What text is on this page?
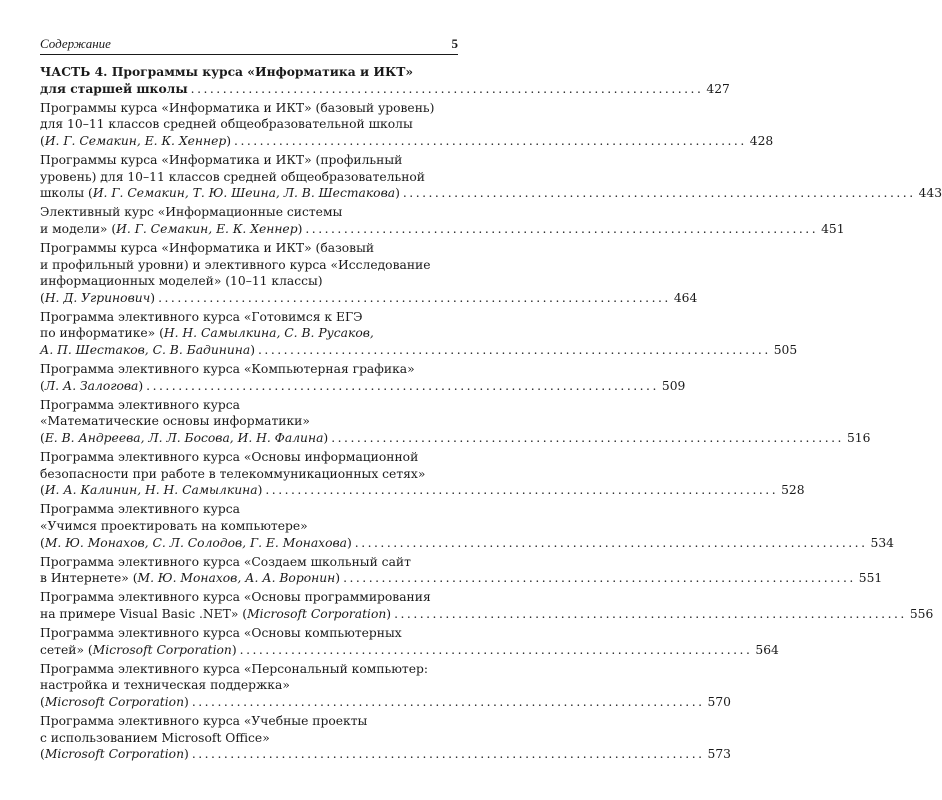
Содержание	5
ЧАСТЬ 4. Программы курса «Информатика и ИКТ»
для старшей школы ................................................................................ 427
Программы курса «Информатика и ИКТ» (базовый уровень)
для 10–11 классов средней общеобразовательной школы
(И. Г. Семакин, Е. К. Хеннер) ................................................................................ 428
Программы курса «Информатика и ИКТ» (профильный
уровень) для 10–11 классов средней общеобразовательной
школы (И. Г. Семакин, Т. Ю. Шеина, Л. В. Шестакова) ................................................................................ 443
Элективный курс «Информационные системы
и модели» (И. Г. Семакин, Е. К. Хеннер) ................................................................................ 451
Программы курса «Информатика и ИКТ» (базовый
и профильный уровни) и элективного курса «Исследование
информационных моделей» (10–11 классы)
(Н. Д. Угринович) ................................................................................ 464
Программа элективного курса «Готовимся к ЕГЭ
по информатике» (Н. Н. Самылкина, С. В. Русаков,
А. П. Шестаков, С. В. Бадинина) ................................................................................ 505
Программа элективного курса «Компьютерная графика»
(Л. А. Залогова) ................................................................................ 509
Программа элективного курса
«Математические основы информатики»
(Е. В. Андреева, Л. Л. Босова, И. Н. Фалина) ................................................................................ 516
Программа элективного курса «Основы информационной
безопасности при работе в телекоммуникационных сетях»
(И. А. Калинин, Н. Н. Самылкина) ................................................................................ 528
Программа элективного курса
«Учимся проектировать на компьютере»
(М. Ю. Монахов, С. Л. Солодов, Г. Е. Монахова) ................................................................................ 534
Программа элективного курса «Создаем школьный сайт
в Интернете» (М. Ю. Монахов, А. А. Воронин) ................................................................................ 551
Программа элективного курса «Основы программирования
на примере Visual Basic .NET» (Microsoft Corporation) ................................................................................ 556
Программа элективного курса «Основы компьютерных
сетей» (Microsoft Corporation) ................................................................................ 564
Программа элективного курса «Персональный компьютер:
настройка и техническая поддержка»
(Microsoft Corporation) ................................................................................ 570
Программа элективного курса «Учебные проекты
с использованием Microsoft Office»
(Microsoft Corporation) ................................................................................ 573
